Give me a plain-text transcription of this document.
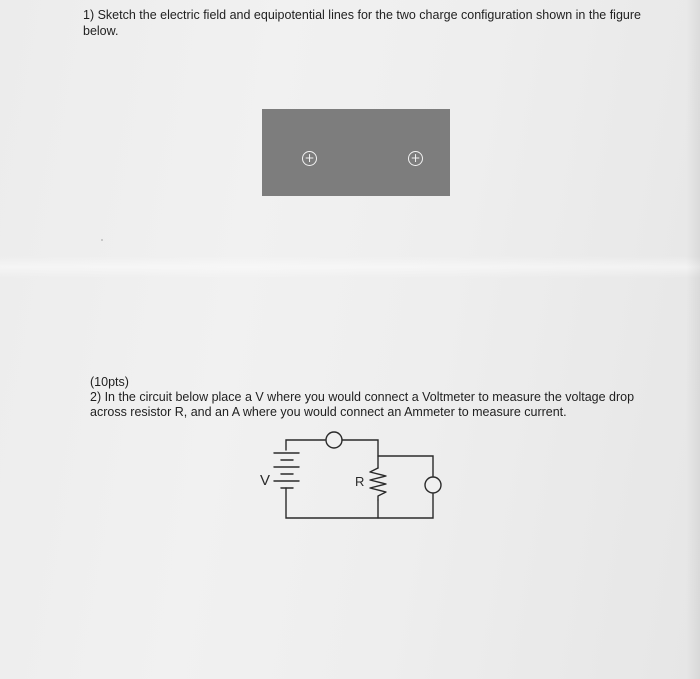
1) Sketch the electric field and equipotential lines for the two charge configuration shown in the figure below.

+	+

(10pts)

2) In the circuit below place a V where you would connect a Voltmeter to measure the voltage drop across resistor R, and an A where you would connect an Ammeter to measure current.

V	R
